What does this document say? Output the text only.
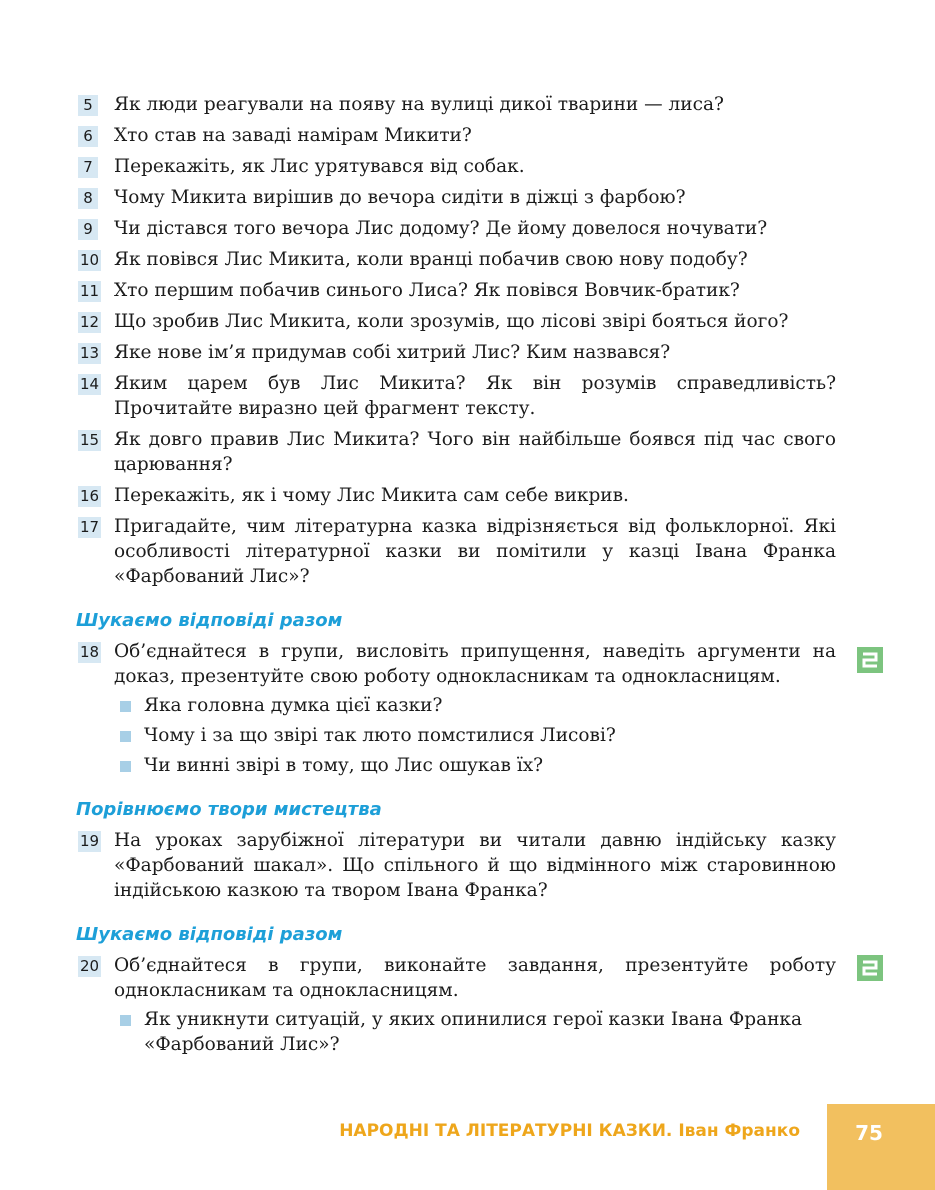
5 Як люди реагували на появу на вулиці дикої тварини — лиса?
6 Хто став на заваді намірам Микити?
7 Перекажіть, як Лис урятувався від собак.
8 Чому Микита вирішив до вечора сидіти в діжці з фарбою?
9 Чи дістався того вечора Лис додому? Де йому довелося ночувати?
10 Як повівся Лис Микита, коли вранці побачив свою нову подобу?
11 Хто першим побачив синього Лиса? Як повівся Вовчик-братик?
12 Що зробив Лис Микита, коли зрозумів, що лісові звірі бояться його?
13 Яке нове ім’я придумав собі хитрий Лис? Ким назвався?
14 Яким царем був Лис Микита? Як він розумів справедливість? Прочитайте виразно цей фрагмент тексту.
15 Як довго правив Лис Микита? Чого він найбільше боявся під час свого царювання?
16 Перекажіть, як і чому Лис Микита сам себе викрив.
17 Пригадайте, чим літературна казка відрізняється від фольклорної. Які особливості літературної казки ви помітили у казці Івана Франка «Фарбований Лис»?
Шукаємо відповіді разом
18 Об’єднайтеся в групи, висловіть припущення, наведіть аргументи на доказ, презентуйте свою роботу однокласникам та однокласницям.
Яка головна думка цієї казки?
Чому і за що звірі так люто помстилися Лисові?
Чи винні звірі в тому, що Лис ошукав їх?
Порівнюємо твори мистецтва
19 На уроках зарубіжної літератури ви читали давню індійську казку «Фарбований шакал». Що спільного й що відмінного між старовинною індійською казкою та твором Івана Франка?
Шукаємо відповіді разом
20 Об’єднайтеся в групи, виконайте завдання, презентуйте роботу однокласникам та однокласницям.
Як уникнути ситуацій, у яких опинилися герої казки Івана Франка «Фарбований Лис»?
НАРОДНІ ТА ЛІТЕРАТУРНІ КАЗКИ. Іван Франко	75
